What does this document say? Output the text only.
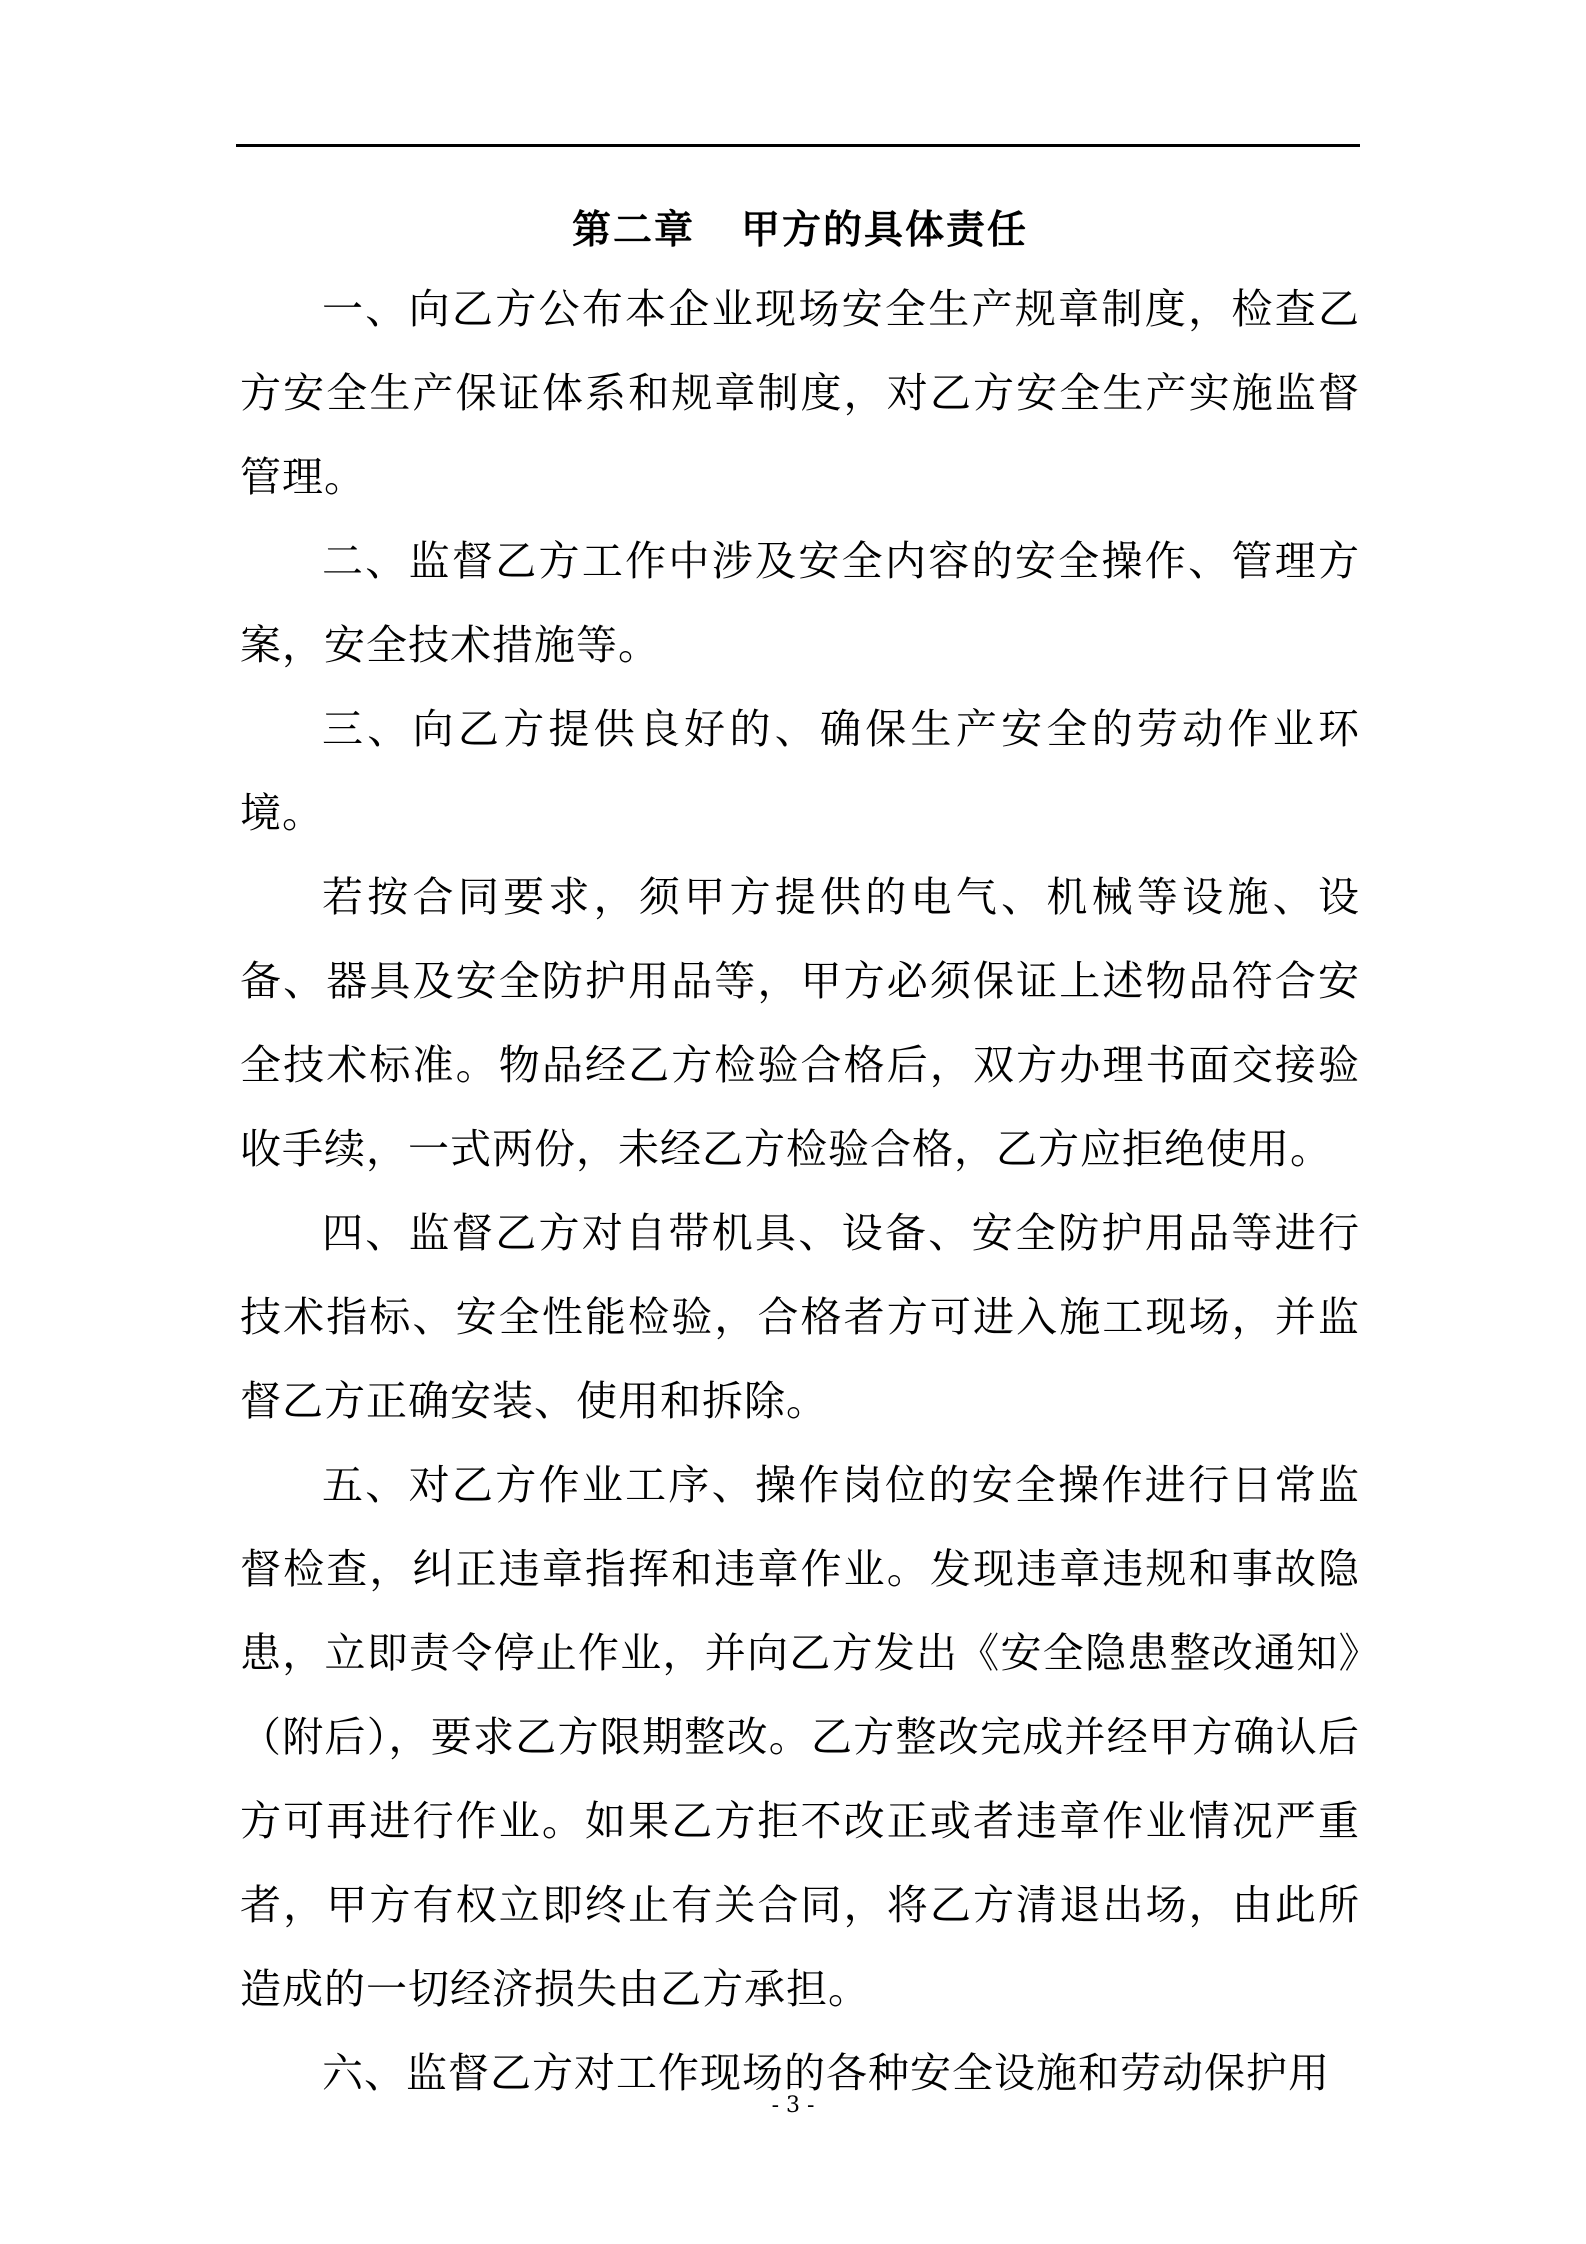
第二章 甲方的具体责任

一、向乙方公布本企业现场安全生产规章制度，检查乙方安全生产保证体系和规章制度，对乙方安全生产实施监督管理。

二、监督乙方工作中涉及安全内容的安全操作、管理方案，安全技术措施等。

三、向乙方提供良好的、确保生产安全的劳动作业环境。

若按合同要求，须甲方提供的电气、机械等设施、设备、器具及安全防护用品等，甲方必须保证上述物品符合安全技术标准。物品经乙方检验合格后，双方办理书面交接验收手续，一式两份，未经乙方检验合格，乙方应拒绝使用。

四、监督乙方对自带机具、设备、安全防护用品等进行技术指标、安全性能检验，合格者方可进入施工现场，并监督乙方正确安装、使用和拆除。

五、对乙方作业工序、操作岗位的安全操作进行日常监督检查，纠正违章指挥和违章作业。发现违章违规和事故隐患，立即责令停止作业，并向乙方发出《安全隐患整改通知》（附后），要求乙方限期整改。乙方整改完成并经甲方确认后方可再进行作业。如果乙方拒不改正或者违章作业情况严重者，甲方有权立即终止有关合同，将乙方清退出场，由此所造成的一切经济损失由乙方承担。

六、监督乙方对工作现场的各种安全设施和劳动保护用

- 3 -
